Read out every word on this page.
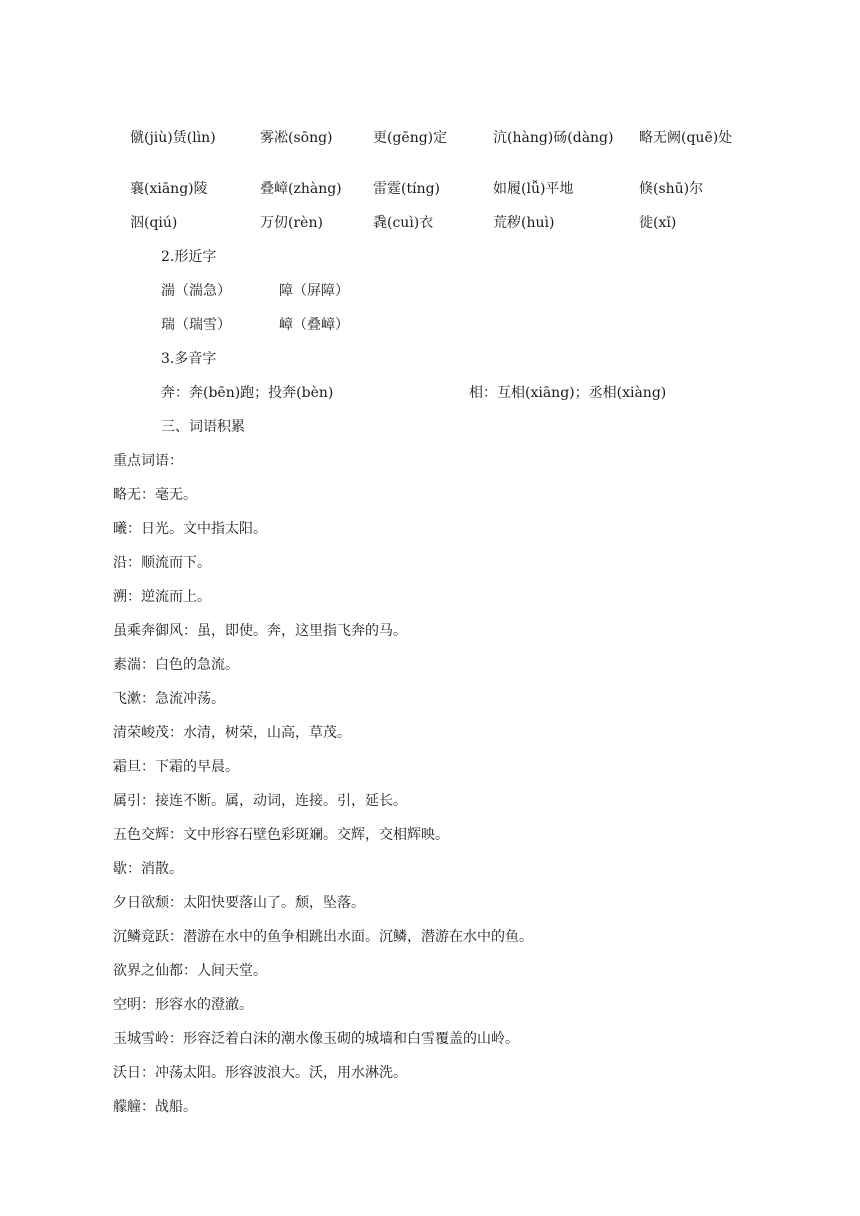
僦(jiù)赁(lìn)	雾凇(sōng)	更(gēng)定	沆(hàng)砀(dàng)	略无阙(quē)处
襄(xiāng)陵	叠嶂(zhàng)	雷霆(tíng)	如履(lǚ)平地	倏(shū)尔
泅(qiú)	万仞(rèn)	毳(cuì)衣	荒秽(huì)	徙(xǐ)
2.形近字
湍（湍急）	障（屏障）
瑞（瑞雪）	嶂（叠嶂）
3.多音字
奔：奔(bēn)跑；投奔(bèn)	相：互相(xiāng)；丞相(xiàng)
三、词语积累
重点词语：
略无：毫无。
曦：日光。文中指太阳。
沿：顺流而下。
溯：逆流而上。
虽乘奔御风：虽，即使。奔，这里指飞奔的马。
素湍：白色的急流。
飞漱：急流冲荡。
清荣峻茂：水清，树荣，山高，草茂。
霜旦：下霜的早晨。
属引：接连不断。属，动词，连接。引，延长。
五色交辉：文中形容石壁色彩斑斓。交辉，交相辉映。
歇：消散。
夕日欲颓：太阳快要落山了。颓，坠落。
沉鳞竞跃：潜游在水中的鱼争相跳出水面。沉鳞，潜游在水中的鱼。
欲界之仙都：人间天堂。
空明：形容水的澄澈。
玉城雪岭：形容泛着白沫的潮水像玉砌的城墙和白雪覆盖的山岭。
沃日：冲荡太阳。形容波浪大。沃，用水淋洗。
艨艟：战船。
